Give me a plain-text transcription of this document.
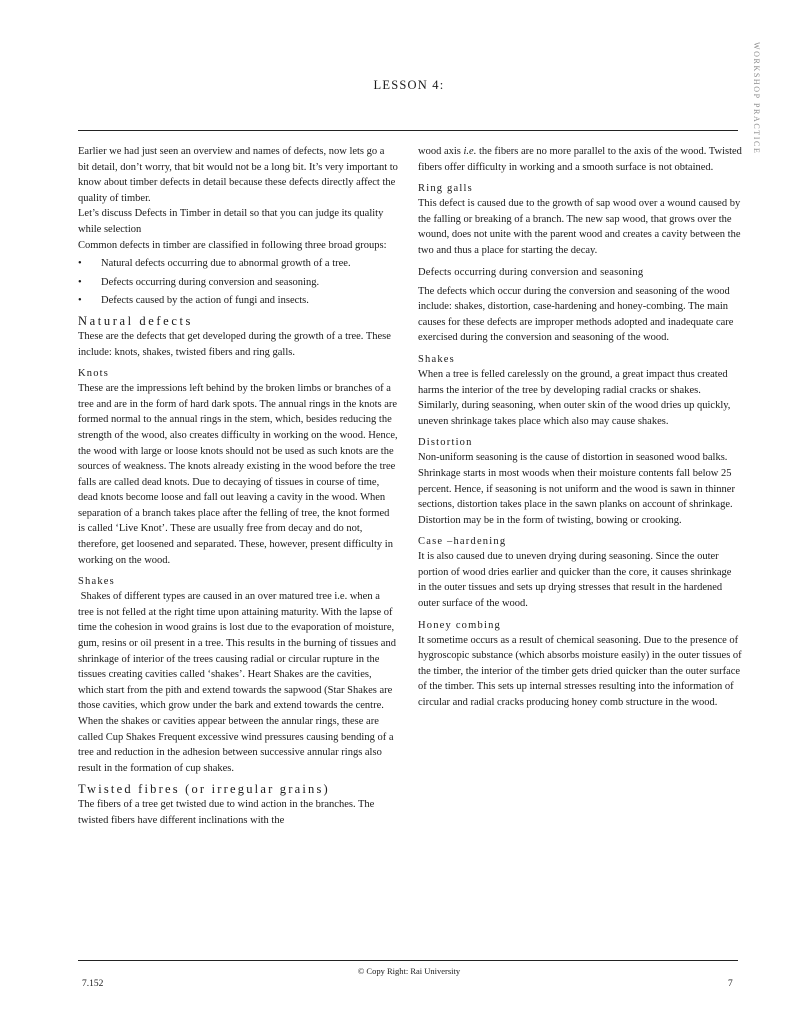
WORKSHOP PRACTICE
LESSON 4:

Earlier we had just seen an overview and names of defects, now lets go a bit detail, don’t worry, that bit would not be a long bit. It’s very important to know about timber defects in detail because these defects directly affect the quality of timber.

Let’s discuss Defects in Timber in detail so that you can judge its quality while selection

Common defects in timber are classified in following three broad groups:

• Natural defects occurring due to abnormal growth of a tree.
• Defects occurring during conversion and seasoning.
• Defects caused by the action of fungi and insects.
Natural defects

These are the defects that get developed during the growth of a tree. These include: knots, shakes, twisted fibers and ring galls.

Knots

These are the impressions left behind by the broken limbs or branches of a tree and are in the form of hard dark spots. The annual rings in the knots are formed normal to the annual rings in the stem, which, besides reducing the strength of the wood, also creates difficulty in working on the wood. Hence, the wood with large or loose knots should not be used as such knots are the sources of weakness. The knots already existing in the wood before the tree falls are called dead knots. Due to decaying of tissues in course of time, dead knots become loose and fall out leaving a cavity in the wood. When separation of a branch takes place after the felling of tree, the knot formed is called ‘Live Knot’. These are usually free from decay and do not, therefore, get loosened and separated. These, however, present difficulty in working on the wood.

Shakes

Shakes of different types are caused in an over matured tree i.e. when a tree is not felled at the right time upon attaining maturity. With the lapse of time the cohesion in wood grains is lost due to the evaporation of moisture, gum, resins or oil present in a tree. This results in the burning of tissues and shrinkage of interior of the trees causing radial or circular rupture in the tissues creating cavities called ‘shakes’. Heart Shakes are the cavities, which start from the pith and extend towards the sapwood (Star Shakes are those cavities, which grow under the bark and extend towards the centre. When the shakes or cavities appear between the annular rings, these are called Cup Shakes Frequent excessive wind pressures causing bending of a tree and reduction in the adhesion between successive annular rings also result in the formation of cup shakes.

Twisted fibres (or irregular grains)

The fibers of a tree get twisted due to wind action in the branches. The twisted fibers have different inclinations with the

wood axis i.e. the fibers are no more parallel to the axis of the wood. Twisted fibers offer difficulty in working and a smooth surface is not obtained.

Ring galls

This defect is caused due to the growth of sap wood over a wound caused by the falling or breaking of a branch. The new sap wood, that grows over the wound, does not unite with the parent wood and creates a cavity between the two and thus a place for starting the decay.

Defects occurring during conversion and seasoning

The defects which occur during the conversion and seasoning of the wood include: shakes, distortion, case-hardening and honey-combing. The main causes for these defects are improper methods adopted and inadequate care exercised during the conversion and seasoning of the wood.

Shakes

When a tree is felled carelessly on the ground, a great impact thus created harms the interior of the tree by developing radial cracks or shakes. Similarly, during seasoning, when outer skin of the wood dries up quickly, uneven shrinkage takes place which also may cause shakes.

Distortion

Non-uniform seasoning is the cause of distortion in seasoned wood balks. Shrinkage starts in most woods when their moisture contents fall below 25 percent. Hence, if seasoning is not uniform and the wood is sawn in thinner sections, distortion takes place in the sawn planks on account of shrinkage. Distortion may be in the form of twisting, bowing or crooking.

Case –hardening

It is also caused due to uneven drying during seasoning. Since the outer portion of wood dries earlier and quicker than the core, it causes shrinkage in the outer tissues and sets up drying stresses that result in the hardened outer surface of the wood.

Honey combing

It sometime occurs as a result of chemical seasoning. Due to the presence of hygroscopic substance (which absorbs moisture easily) in the outer tissues of the timber, the interior of the timber gets dried quicker than the outer surface of the timber. This sets up internal stresses resulting into the information of circular and radial cracks producing honey comb structure in the wood.

© Copy Right: Rai University
7.152	7
